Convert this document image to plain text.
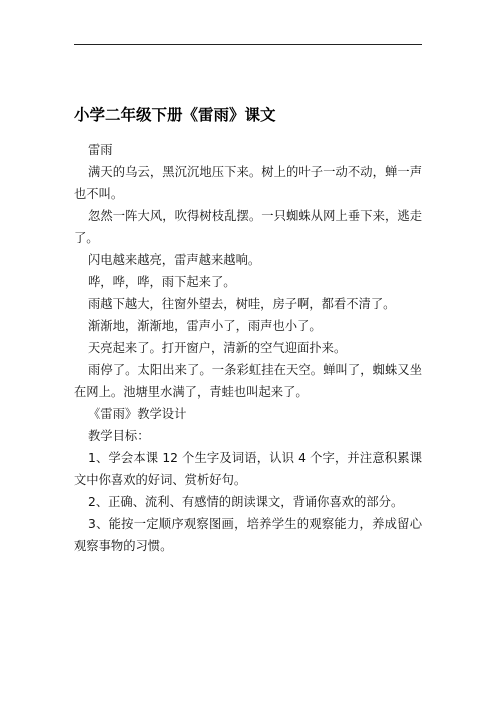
小学二年级下册《雷雨》课文

雷雨

满天的乌云，黑沉沉地压下来。树上的叶子一动不动，蝉一声也不叫。

忽然一阵大风，吹得树枝乱摆。一只蜘蛛从网上垂下来，逃走了。

闪电越来越亮，雷声越来越响。

哗，哗，哗，雨下起来了。

雨越下越大，往窗外望去，树哇，房子啊，都看不清了。

渐渐地，渐渐地，雷声小了，雨声也小了。

天亮起来了。打开窗户，清新的空气迎面扑来。

雨停了。太阳出来了。一条彩虹挂在天空。蝉叫了，蜘蛛又坐在网上。池塘里水满了，青蛙也叫起来了。

《雷雨》教学设计

教学目标：

1、学会本课 12 个生字及词语，认识 4 个字，并注意积累课文中你喜欢的好词、赏析好句。

2、正确、流利、有感情的朗读课文，背诵你喜欢的部分。

3、能按一定顺序观察图画，培养学生的观察能力，养成留心观察事物的习惯。
